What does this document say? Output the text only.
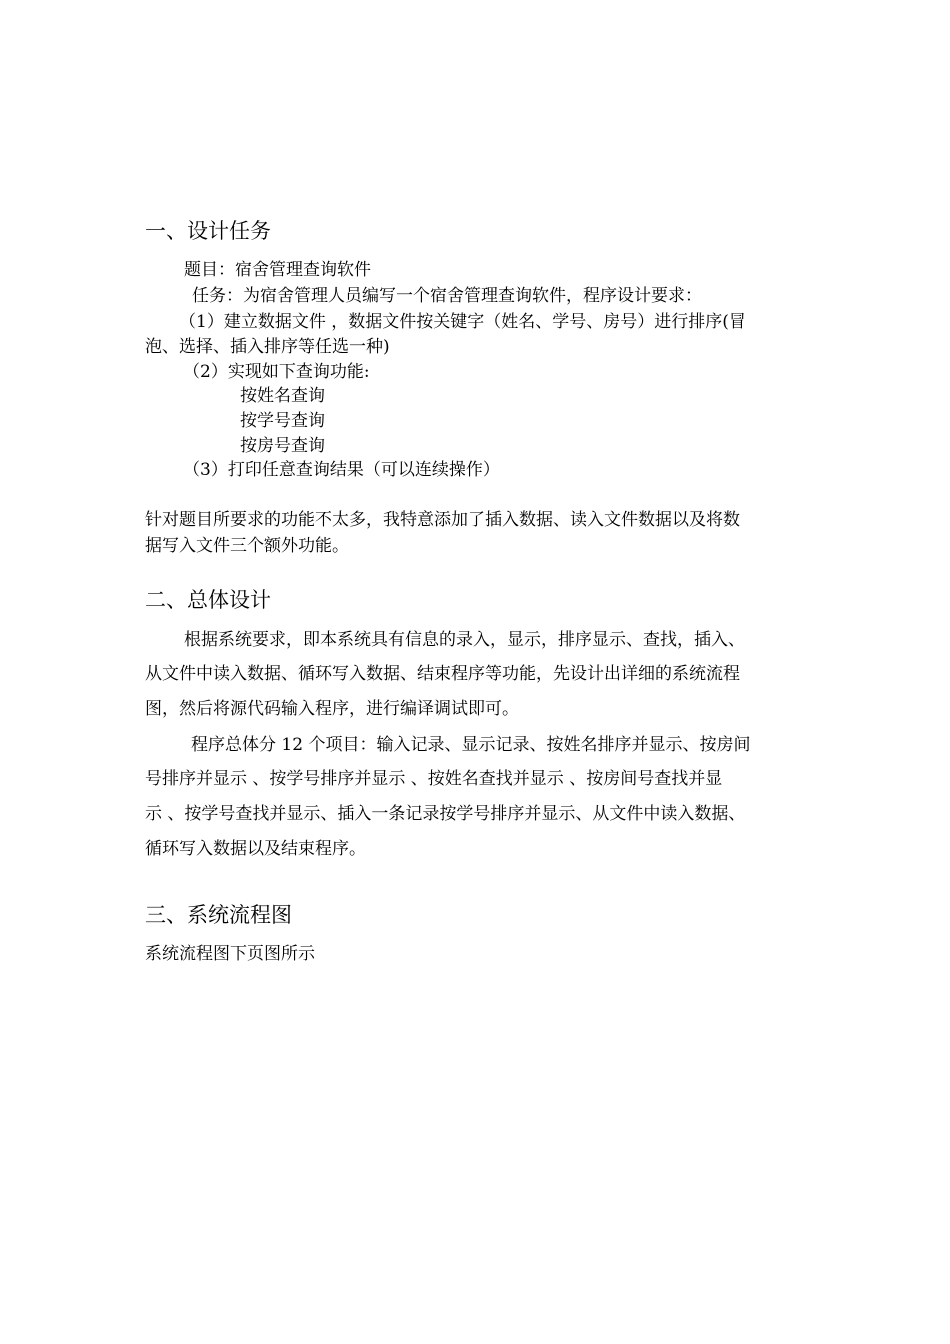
一、设计任务
题目：宿舍管理查询软件
任务：为宿舍管理人员编写一个宿舍管理查询软件，程序设计要求：
（1）建立数据文件 ，数据文件按关键字（姓名、学号、房号）进行排序(冒
泡、选择、插入排序等任选一种)
（2）实现如下查询功能:
按姓名查询
按学号查询
按房号查询
（3）打印任意查询结果（可以连续操作）
针对题目所要求的功能不太多，我特意添加了插入数据、读入文件数据以及将数
据写入文件三个额外功能。
二、总体设计
根据系统要求，即本系统具有信息的录入，显示，排序显示、查找，插入、
从文件中读入数据、循环写入数据、结束程序等功能，先设计出详细的系统流程
图，然后将源代码输入程序，进行编译调试即可。
程序总体分 12 个项目：输入记录、显示记录、按姓名排序并显示、按房间
号排序并显示 、按学号排序并显示 、按姓名查找并显示 、按房间号查找并显
示 、按学号查找并显示、插入一条记录按学号排序并显示、从文件中读入数据、
循环写入数据以及结束程序。
三、系统流程图
系统流程图下页图所示
